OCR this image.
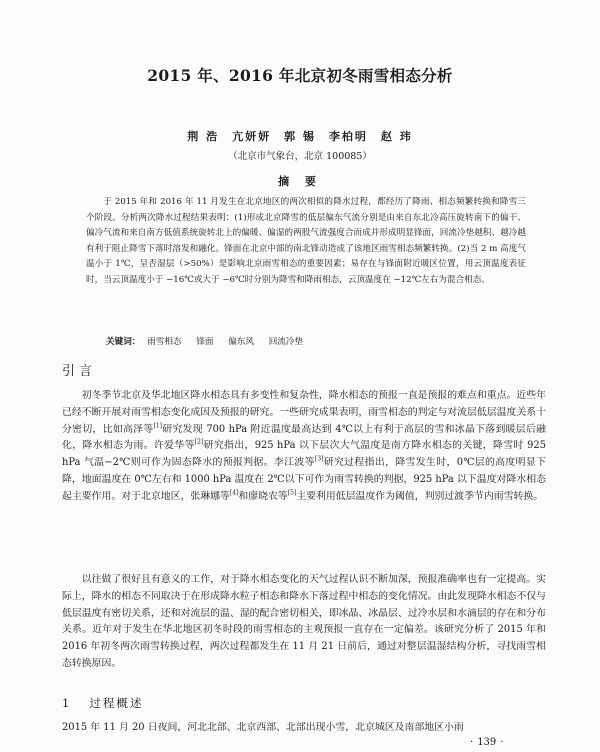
2015 年、2016 年北京初冬雨雪相态分析
荆 浩　亢妍妍　郭 锡　李柏明　赵 玮
（北京市气象台，北京 100085）
摘 要

于 2015 年和 2016 年 11 月发生在北京地区的两次相似的降水过程，都经历了降雨、相态频繁转换和降雪三个阶段。分析两次降水过程结果表明：(1)形成北京降雪的低层偏东气流分别是由来自东北冷高压旋转南下的偏干、偏冷气流和来自南方低值系统旋转北上的偏暖、偏湿的两股气流强度合而成并形成明显锋面，回流冷垫越积、越冷越有利于阻止降雪下落时溶发和融化。锋面在北京中部的南北锋动造成了该地区雨雪相态频繁转换。(2)当 2 m 高度气温小于 1℃，呈否湿层（>50%）是影响北京雨雪相态的重要因素；易存在与锋面附近暖区位置，用云顶温度表征时，当云顶温度小于 −16℃或大于 −6℃时分别为降雪和降雨相态，云顶温度在 −12℃左右为混合相态。

关键词： 雨雪相态 锋面 偏东风 回流冷垫
引言

初冬季节北京及华北地区降水相态具有多变性和复杂性，降水相态的预报一直是预报的难点和重点。近些年已经不断开展对雨雪相态变化成因及预报的研究。一些研究成果表明，雨雪相态的判定与对流层低层温度关系十分密切，比如高泽等[1]研究发现 700 hPa 附近温度最高达到 4℃以上有利于高层的雪和冰晶下落到暖层后融化，降水相态为雨。许爱华等[2]研究指出，925 hPa 以下层次大气温度是南方降水相态的关键，降雪时 925 hPa 气温−2℃则可作为固态降水的预报判据。李江波等[3]研究过程指出，降雪发生时，0℃层的高度明显下降，地面温度在 0℃左右和 1000 hPa 温度在 2℃以下可作为雨雪转换的判据，925 hPa 以下温度对降水相态起主要作用。对于北京地区，张琳娜等[4]和廖晓农等[5]主要利用低层温度作为阈值，判别过渡季节内雨雪转换。

以往做了很好且有意义的工作，对于降水相态变化的天气过程认识不断加深，预报准确率也有一定提高。实际上，降水的相态不同取决于在形成降水粒子相态和降水下落过程中相态的变化情况。由此发现降水相态不仅与低层温度有密切关系，还和对流层的温、湿的配合密切相关，即冰晶、冰晶层、过冷水层和水滴层的存在和分布关系。近年对于发生在华北地区初冬时段的雨雪相态的主观预报一直存在一定偏差。该研究分析了 2015 年和 2016 年初冬两次雨雪转换过程，两次过程都发生在 11 月 21 日前后，通过对整层温湿结构分析，寻找雨雪相态转换原因。

1 过程概述

2015 年 11 月 20 日夜间，河北北部、北京西部、北部出现小雪，北京城区及南部地区小雨

· 139 ·
